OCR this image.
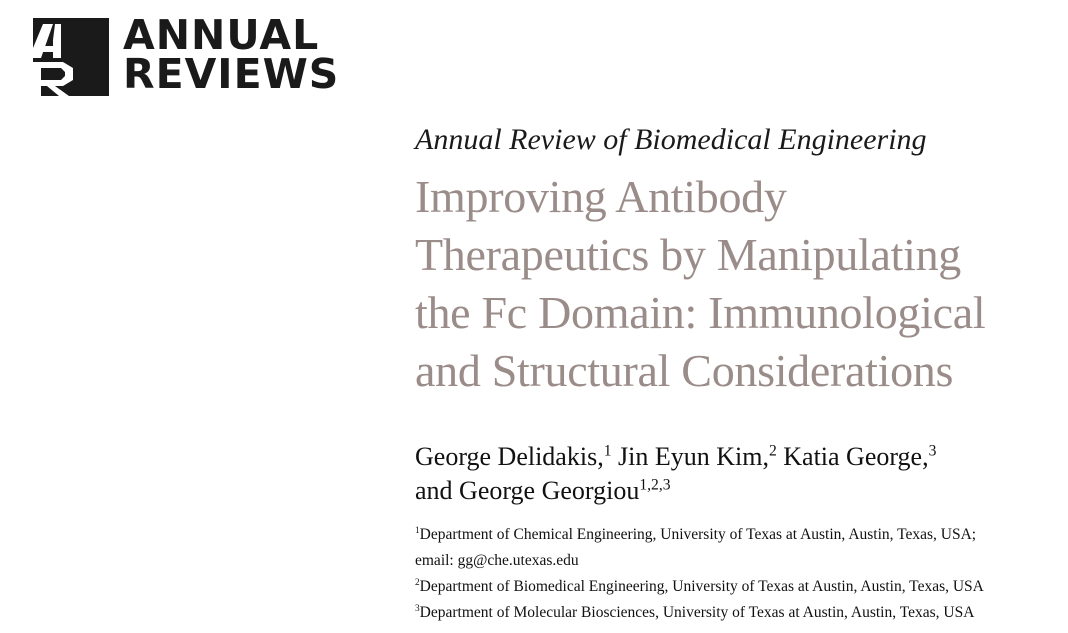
ANNUAL
REVIEWS
Annual Review of Biomedical Engineering
Improving Antibody
Therapeutics by Manipulating
the Fc Domain: Immunological
and Structural Considerations
George Delidakis,$^1$ Jin Eyun Kim,$^2$ Katia George,$^3$
and George Georgiou$^{1,2,3}$
$^1$Department of Chemical Engineering, University of Texas at Austin, Austin, Texas, USA;
email: gg@che.utexas.edu
$^2$Department of Biomedical Engineering, University of Texas at Austin, Austin, Texas, USA
$^3$Department of Molecular Biosciences, University of Texas at Austin, Austin, Texas, USA
